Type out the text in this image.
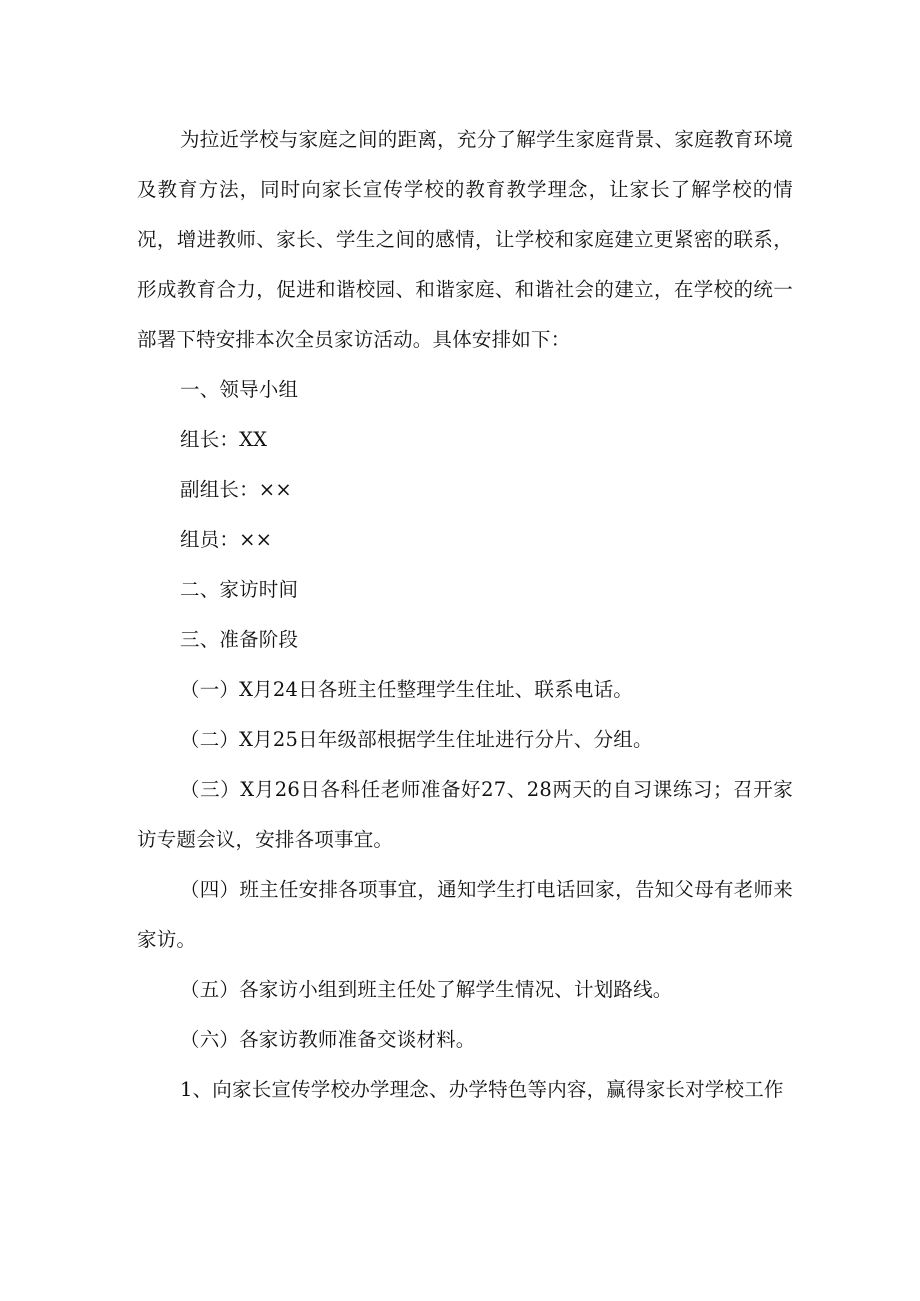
为拉近学校与家庭之间的距离，充分了解学生家庭背景、家庭教育环境及教育方法，同时向家长宣传学校的教育教学理念，让家长了解学校的情况，增进教师、家长、学生之间的感情，让学校和家庭建立更紧密的联系，形成教育合力，促进和谐校园、和谐家庭、和谐社会的建立，在学校的统一部署下特安排本次全员家访活动。具体安排如下：

一、领导小组

组长：XX

副组长：××

组员：××

二、家访时间

三、准备阶段

（一）X月24日各班主任整理学生住址、联系电话。

（二）X月25日年级部根据学生住址进行分片、分组。

（三）X月26日各科任老师准备好27、28两天的自习课练习；召开家访专题会议，安排各项事宜。

（四）班主任安排各项事宜，通知学生打电话回家，告知父母有老师来家访。

（五）各家访小组到班主任处了解学生情况、计划路线。

（六）各家访教师准备交谈材料。

1、向家长宣传学校办学理念、办学特色等内容，赢得家长对学校工作
